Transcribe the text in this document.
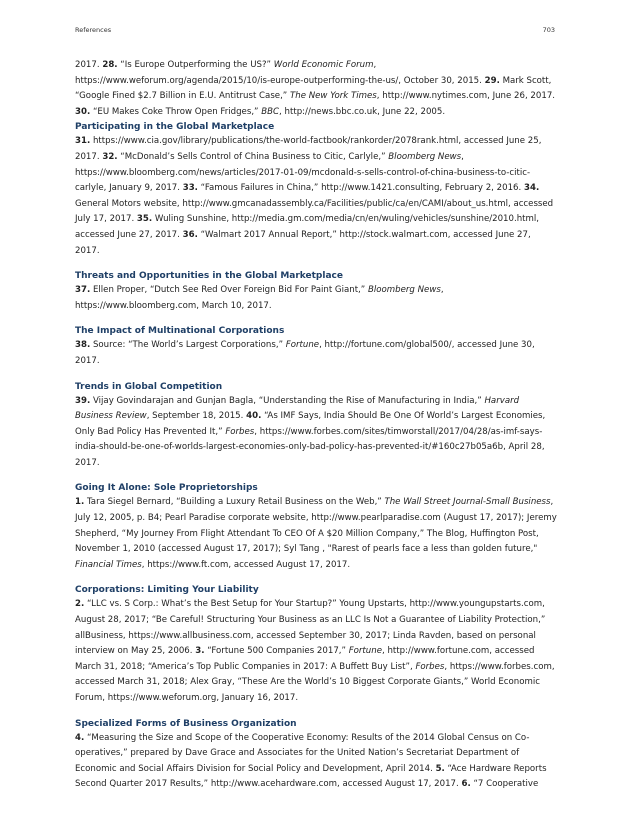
References	703

2017. 28. “Is Europe Outperforming the US?” World Economic Forum, https://www.weforum.org/agenda/2015/10/is-europe-outperforming-the-us/, October 30, 2015. 29. Mark Scott, “Google Fined $2.7 Billion in E.U. Antitrust Case,” The New York Times, http://www.nytimes.com, June 26, 2017. 30. “EU Makes Coke Throw Open Fridges,” BBC, http://news.bbc.co.uk, June 22, 2005.

Participating in the Global Marketplace

31. https://www.cia.gov/library/publications/the-world-factbook/rankorder/2078rank.html, accessed June 25, 2017. 32. “McDonald’s Sells Control of China Business to Citic, Carlyle,” Bloomberg News, https://www.bloomberg.com/news/articles/2017-01-09/mcdonald-s-sells-control-of-china-business-to-citic-carlyle, January 9, 2017. 33. “Famous Failures in China,” http://www.1421.consulting, February 2, 2016. 34. General Motors website, http://www.gmcanadassembly.ca/Facilities/public/ca/en/CAMI/about_us.html, accessed July 17, 2017. 35. Wuling Sunshine, http://media.gm.com/media/cn/en/wuling/vehicles/sunshine/2010.html, accessed June 27, 2017. 36. “Walmart 2017 Annual Report,” http://stock.walmart.com, accessed June 27, 2017.

Threats and Opportunities in the Global Marketplace

37. Ellen Proper, “Dutch See Red Over Foreign Bid For Paint Giant,” Bloomberg News, https://www.bloomberg.com, March 10, 2017.

The Impact of Multinational Corporations

38. Source: “The World’s Largest Corporations,” Fortune, http://fortune.com/global500/, accessed June 30, 2017.

Trends in Global Competition

39. Vijay Govindarajan and Gunjan Bagla, “Understanding the Rise of Manufacturing in India,” Harvard Business Review, September 18, 2015. 40. “As IMF Says, India Should Be One Of World’s Largest Economies, Only Bad Policy Has Prevented It,” Forbes, https://www.forbes.com/sites/timworstall/2017/04/28/as-imf-says-india-should-be-one-of-worlds-largest-economies-only-bad-policy-has-prevented-it/#160c27b05a6b, April 28, 2017.

Going It Alone: Sole Proprietorships

1. Tara Siegel Bernard, “Building a Luxury Retail Business on the Web,” The Wall Street Journal-Small Business, July 12, 2005, p. B4; Pearl Paradise corporate website, http://www.pearlparadise.com (August 17, 2017); Jeremy Shepherd, “My Journey From Flight Attendant To CEO Of A $20 Million Company,” The Blog, Huffington Post, November 1, 2010 (accessed August 17, 2017); Syl Tang , "Rarest of pearls face a less than golden future," Financial Times, https://www.ft.com, accessed August 17, 2017.

Corporations: Limiting Your Liability

2. “LLC vs. S Corp.: What’s the Best Setup for Your Startup?” Young Upstarts, http://www.youngupstarts.com, August 28, 2017; “Be Careful! Structuring Your Business as an LLC Is Not a Guarantee of Liability Protection,” allBusiness, https://www.allbusiness.com, accessed September 30, 2017; Linda Ravden, based on personal interview on May 25, 2006. 3. “Fortune 500 Companies 2017,” Fortune, http://www.fortune.com, accessed March 31, 2018; “America’s Top Public Companies in 2017: A Buffett Buy List”, Forbes, https://www.forbes.com, accessed March 31, 2018; Alex Gray, “These Are the World’s 10 Biggest Corporate Giants,” World Economic Forum, https://www.weforum.org, January 16, 2017.

Specialized Forms of Business Organization

4. “Measuring the Size and Scope of the Cooperative Economy: Results of the 2014 Global Census on Co-operatives,” prepared by Dave Grace and Associates for the United Nation’s Secretariat Department of Economic and Social Affairs Division for Social Policy and Development, April 2014. 5. “Ace Hardware Reports Second Quarter 2017 Results,” http://www.acehardware.com, accessed August 17, 2017. 6. “7 Cooperative
